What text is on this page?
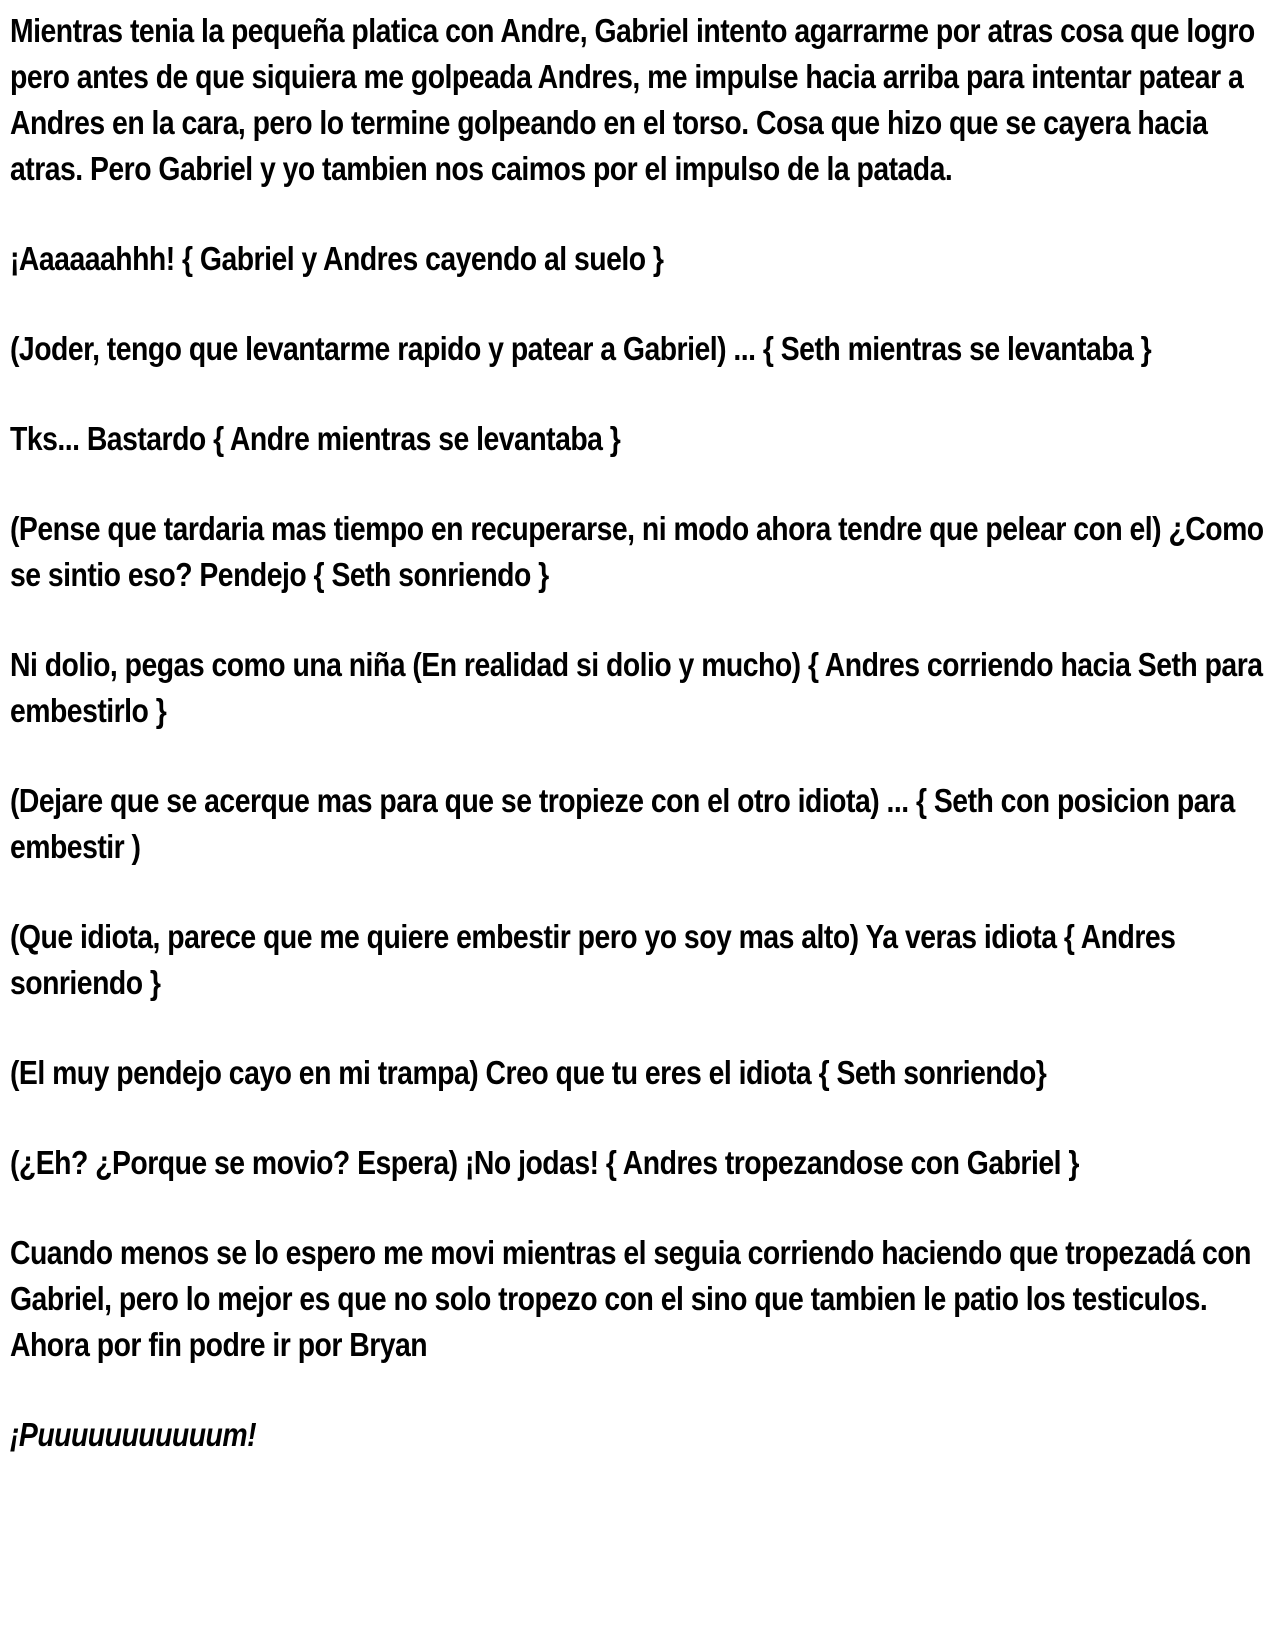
Mientras tenia la pequeña platica con Andre, Gabriel intento agarrarme por atras cosa que logro pero antes de que siquiera me golpeada Andres, me impulse hacia arriba para intentar patear a Andres en la cara, pero lo termine golpeando en el torso. Cosa que hizo que se cayera hacia atras. Pero Gabriel y yo tambien nos caimos por el impulso de la patada.

¡Aaaaaahhh! { Gabriel y Andres cayendo al suelo }

(Joder, tengo que levantarme rapido y patear a Gabriel) ... { Seth mientras se levantaba }

Tks... Bastardo { Andre mientras se levantaba }

(Pense que tardaria mas tiempo en recuperarse, ni modo ahora tendre que pelear con el) ¿Como se sintio eso? Pendejo { Seth sonriendo }

Ni dolio, pegas como una niña (En realidad si dolio y mucho) { Andres corriendo hacia Seth para embestirlo }

(Dejare que se acerque mas para que se tropieze con el otro idiota) ... { Seth con posicion para embestir )

(Que idiota, parece que me quiere embestir pero yo soy mas alto) Ya veras idiota { Andres sonriendo }

(El muy pendejo cayo en mi trampa) Creo que tu eres el idiota { Seth sonriendo}

(¿Eh? ¿Porque se movio? Espera) ¡No jodas! { Andres tropezandose con Gabriel }

Cuando menos se lo espero me movi mientras el seguia corriendo haciendo que tropezadá con Gabriel, pero lo mejor es que no solo tropezo con el sino que tambien le patio los testiculos. Ahora por fin podre ir por Bryan

¡Puuuuuuuuuuum!
